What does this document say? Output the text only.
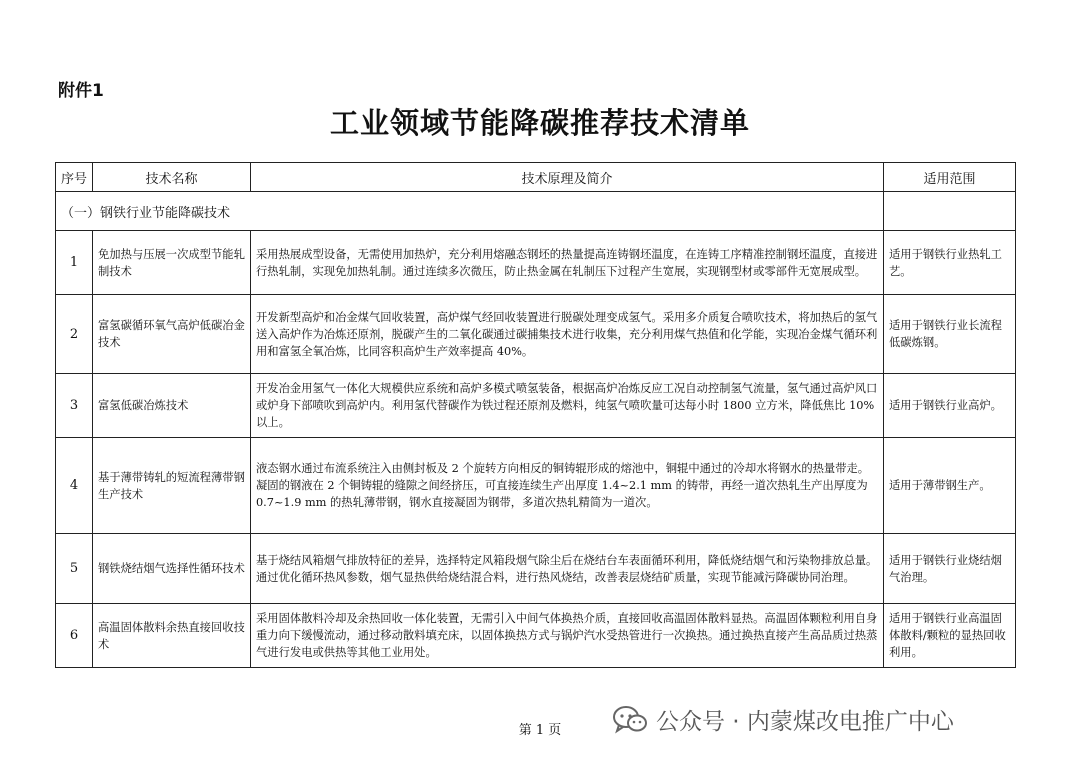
附件1
工业领域节能降碳推荐技术清单
序号	技术名称	技术原理及简介	适用范围
（一）钢铁行业节能降碳技术			
1	免加热与压展一次成型节能轧制技术	采用热展成型设备，无需使用加热炉，充分利用熔融态钢坯的热量提高连铸钢坯温度，在连铸工序精准控制钢坯温度，直接进行热轧制，实现免加热轧制。通过连续多次微压，防止热金属在轧制压下过程产生宽展，实现钢型材或零部件无宽展成型。	适用于钢铁行业热轧工艺。
2	富氢碳循环氧气高炉低碳冶金技术	开发新型高炉和冶金煤气回收装置，高炉煤气经回收装置进行脱碳处理变成氢气。采用多介质复合喷吹技术，将加热后的氢气送入高炉作为冶炼还原剂，脱碳产生的二氧化碳通过碳捕集技术进行收集，充分利用煤气热值和化学能，实现冶金煤气循环利用和富氢全氧冶炼，比同容积高炉生产效率提高 40%。	适用于钢铁行业长流程低碳炼钢。
3	富氢低碳冶炼技术	开发冶金用氢气一体化大规模供应系统和高炉多模式喷氢装备，根据高炉冶炼反应工况自动控制氢气流量，氢气通过高炉风口或炉身下部喷吹到高炉内。利用氢代替碳作为铁过程还原剂及燃料，纯氢气喷吹量可达每小时 1800 立方米，降低焦比 10%以上。	适用于钢铁行业高炉。
4	基于薄带铸轧的短流程薄带钢生产技术	液态钢水通过布流系统注入由侧封板及 2 个旋转方向相反的铜铸辊形成的熔池中，铜辊中通过的冷却水将钢水的热量带走。凝固的钢液在 2 个铜铸辊的缝隙之间经挤压，可直接连续生产出厚度 1.4~2.1 mm 的铸带，再经一道次热轧生产出厚度为 0.7~1.9 mm 的热轧薄带钢，钢水直接凝固为钢带，多道次热轧精简为一道次。	适用于薄带钢生产。
5	钢铁烧结烟气选择性循环技术	基于烧结风箱烟气排放特征的差异，选择特定风箱段烟气除尘后在烧结台车表面循环利用，降低烧结烟气和污染物排放总量。通过优化循环热风参数，烟气显热供给烧结混合料，进行热风烧结，改善表层烧结矿质量，实现节能减污降碳协同治理。	适用于钢铁行业烧结烟气治理。
6	高温固体散料余热直接回收技术	采用固体散料冷却及余热回收一体化装置，无需引入中间气体换热介质，直接回收高温固体散料显热。高温固体颗粒利用自身重力向下缓慢流动，通过移动散料填充床，以固体换热方式与锅炉汽水受热管进行一次换热。通过换热直接产生高品质过热蒸气进行发电或供热等其他工业用处。	适用于钢铁行业高温固体散料/颗粒的显热回收利用。
第 1 页	公众号 · 内蒙煤改电推广中心
